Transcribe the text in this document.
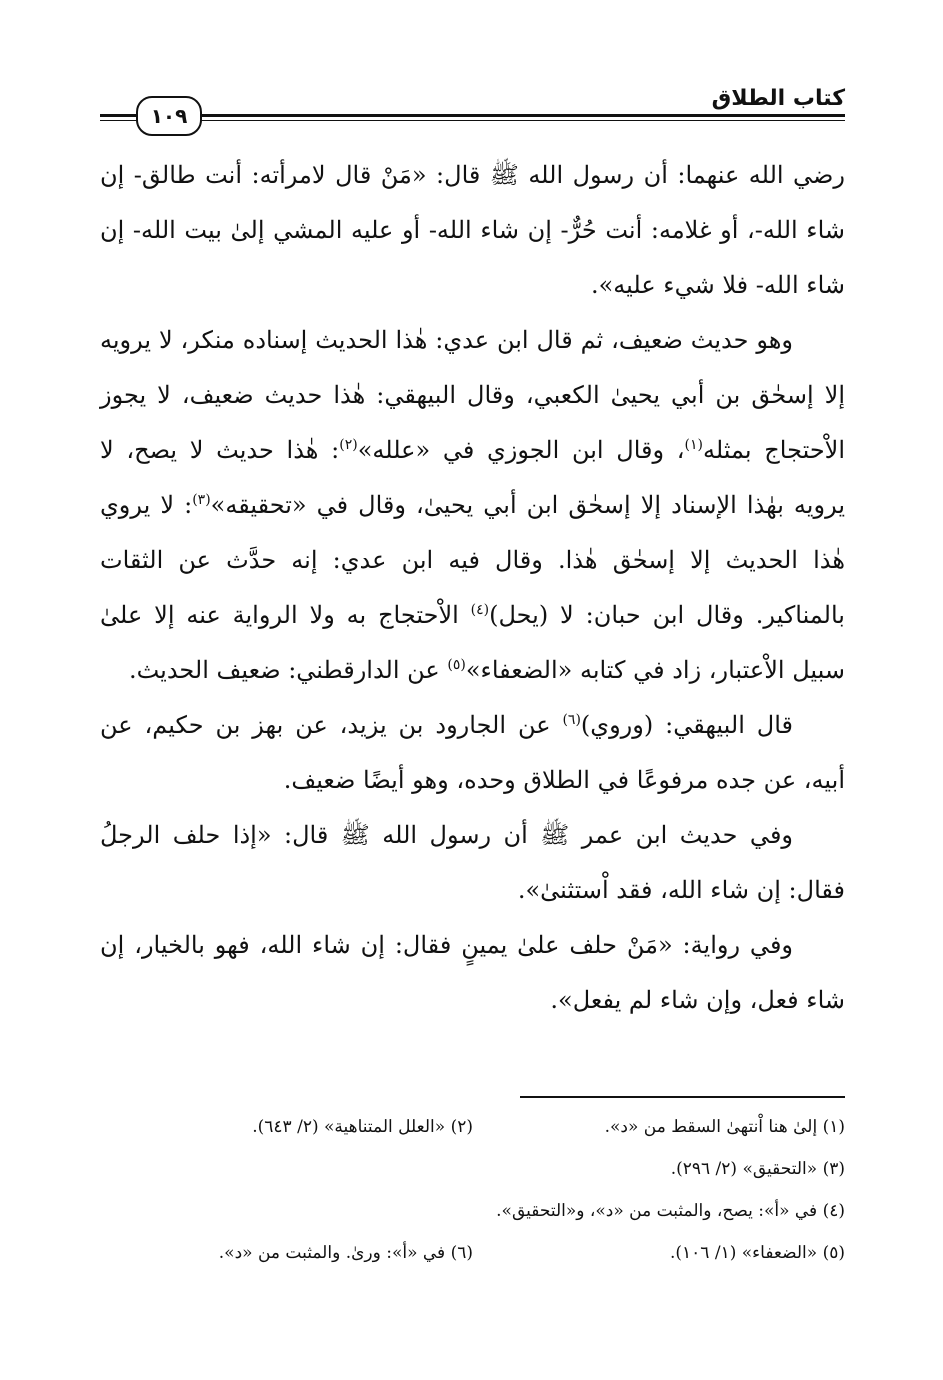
كتاب الطلاق
١٠٩

رضي الله عنهما: أن رسول الله ﷺ قال: «مَنْ قال لامرأته: أنت طالق- إن شاء الله-، أو غلامه: أنت حُرٌّ- إن شاء الله- أو عليه المشي إلىٰ بيت الله- إن شاء الله- فلا شيء عليه».

وهو حديث ضعيف، ثم قال ابن عدي: هٰذا الحديث إسناده منكر، لا يرويه إلا إسحٰق بن أبي يحيىٰ الكعبي، وقال البيهقي: هٰذا حديث ضعيف، لا يجوز الاْحتجاج بمثله$^{(١)}$، وقال ابن الجوزي في «علله»$^{(٢)}$: هٰذا حديث لا يصح، لا يرويه بهٰذا الإسناد إلا إسحٰق ابن أبي يحيىٰ، وقال في «تحقيقه»$^{(٣)}$: لا يروي هٰذا الحديث إلا إسحٰق هٰذا. وقال فيه ابن عدي: إنه حدَّث عن الثقات بالمناكير. وقال ابن حبان: لا (يحل)$^{(٤)}$ الاْحتجاج به ولا الرواية عنه إلا علىٰ سبيل الاْعتبار، زاد في كتابه «الضعفاء»$^{(٥)}$ عن الدارقطني: ضعيف الحديث.

قال البيهقي: (وروي)$^{(٦)}$ عن الجارود بن يزيد، عن بهز بن حكيم، عن أبيه، عن جده مرفوعًا في الطلاق وحده، وهو أيضًا ضعيف.

وفي حديث ابن عمر ﷺ أن رسول الله ﷺ قال: «إذا حلف الرجلُ فقال: إن شاء الله، فقد اْستثنىٰ».

وفي رواية: «مَنْ حلف علىٰ يمينٍ فقال: إن شاء الله، فهو بالخيار، إن شاء فعل، وإن شاء لم يفعل».

(١) إلىٰ هنا اْنتهىٰ السقط من «د».
(٢) «العلل المتناهية» (٢/ ٦٤٣).
(٣) «التحقيق» (٢/ ٢٩٦).
(٤) في «أ»: يصح، والمثبت من «د»، و«التحقيق».
(٥) «الضعفاء» (١/ ١٠٦).
(٦) في «أ»: ورىٰ. والمثبت من «د».
